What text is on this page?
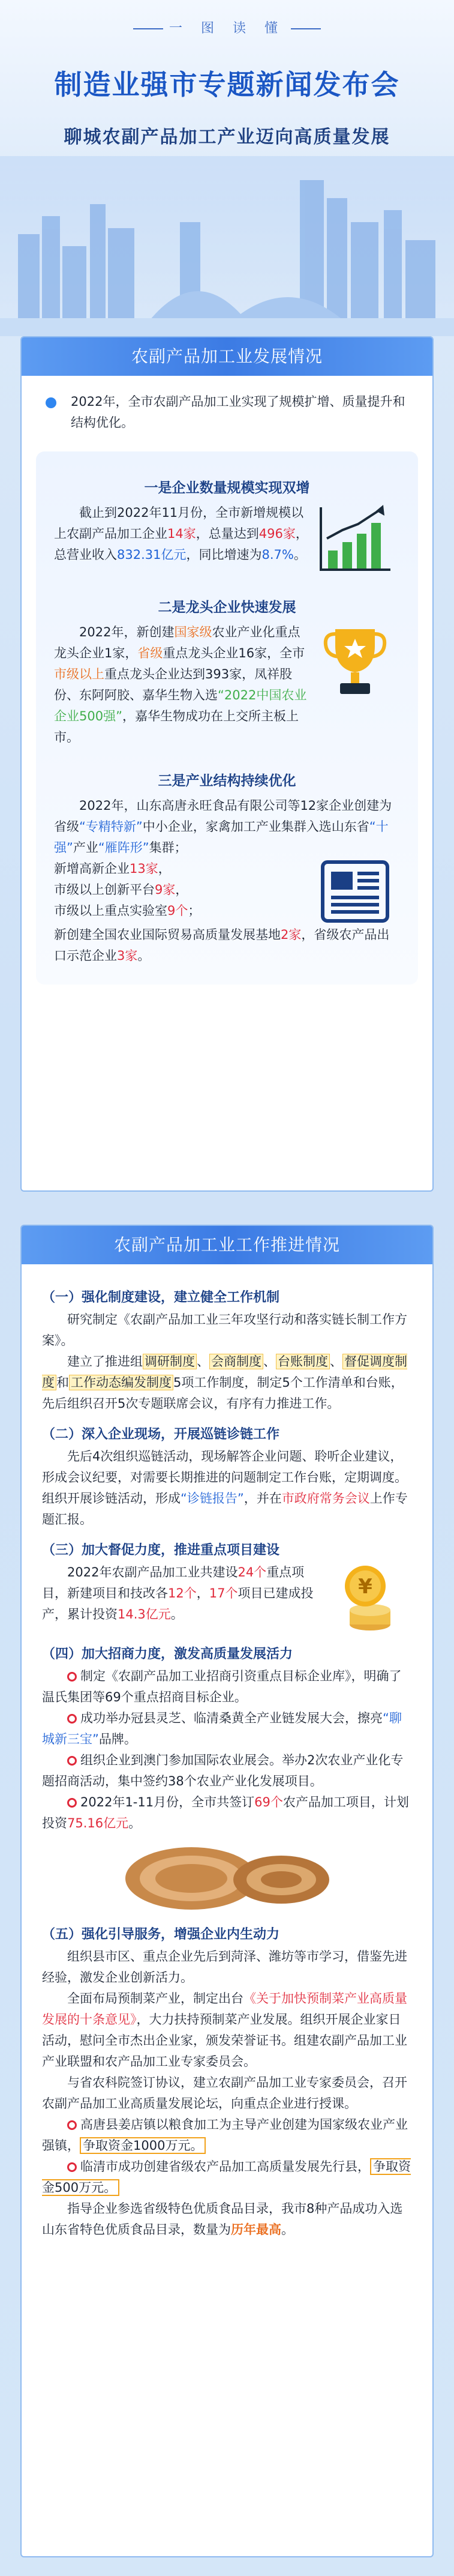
一 图 读 懂
制造业强市专题新闻发布会
聊城农副产品加工产业迈向高质量发展
农副产品加工业发展情况
2022年，全市农副产品加工业实现了规模扩增、质量提升和结构优化。
一是企业数量规模实现双增
截止到2022年11月份，全市新增规模以上农副产品加工企业14家，总量达到496家，总营业收入832.31亿元，同比增速为8.7%。
二是龙头企业快速发展
2022年，新创建国家级农业产业化重点龙头企业1家，省级重点龙头企业16家，全市市级以上重点龙头企业达到393家，凤祥股份、东阿阿胶、嘉华生物入选“2022中国农业企业500强”，嘉华生物成功在上交所主板上市。
三是产业结构持续优化
2022年，山东高唐永旺食品有限公司等12家企业创建为省级“专精特新”中小企业，家禽加工产业集群入选山东省“十强”产业“雁阵形”集群；
新增高新企业13家，
市级以上创新平台9家，
市级以上重点实验室9个；
新创建全国农业国际贸易高质量发展基地2家，省级农产品出口示范企业3家。
农副产品加工业工作推进情况
（一）强化制度建设，建立健全工作机制
研究制定《农副产品加工业三年攻坚行动和落实链长制工作方案》。
建立了推进组 调研制度 、 会商制度 、 台账制度 、 督促调度制度 和 工作动态编发制度 5项工作制度，制定5个工作清单和台账，先后组织召开5次专题联席会议，有序有力推进工作。
（二）深入企业现场，开展巡链诊链工作
先后4次组织巡链活动，现场解答企业问题、聆听企业建议，形成会议纪要，对需要长期推进的问题制定工作台账，定期调度。组织开展诊链活动，形成“诊链报告”，并在市政府常务会议上作专题汇报。
（三）加大督促力度，推进重点项目建设
2022年农副产品加工业共建设24个重点项目，新建项目和技改各12个，17个项目已建成投产，累计投资14.3亿元。
¥
（四）加大招商力度，激发高质量发展活力
制定《农副产品加工业招商引资重点目标企业库》，明确了温氏集团等69个重点招商目标企业。
成功举办冠县灵芝、临清桑黄全产业链发展大会，擦亮“聊城新三宝”品牌。
组织企业到澳门参加国际农业展会。举办2次农业产业化专题招商活动，集中签约38个农业产业化发展项目。
2022年1-11月份，全市共签订69个农产品加工项目，计划投资75.16亿元。
（五）强化引导服务，增强企业内生动力
组织县市区、重点企业先后到菏泽、潍坊等市学习，借鉴先进经验，激发企业创新活力。
全面布局预制菜产业，制定出台《关于加快预制菜产业高质量发展的十条意见》，大力扶持预制菜产业发展。组织开展企业家日活动，慰问全市杰出企业家，颁发荣誉证书。组建农副产品加工业产业联盟和农产品加工业专家委员会。
与省农科院签订协议，建立农副产品加工业专家委员会，召开农副产品加工业高质量发展论坛，向重点企业进行授课。
高唐县姜店镇以粮食加工为主导产业创建为国家级农业产业强镇， 争取资金1000万元。
临清市成功创建省级农产品加工高质量发展先行县， 争取资金500万元。
指导企业参选省级特色优质食品目录，我市8种产品成功入选山东省特色优质食品目录，数量为历年最高。
